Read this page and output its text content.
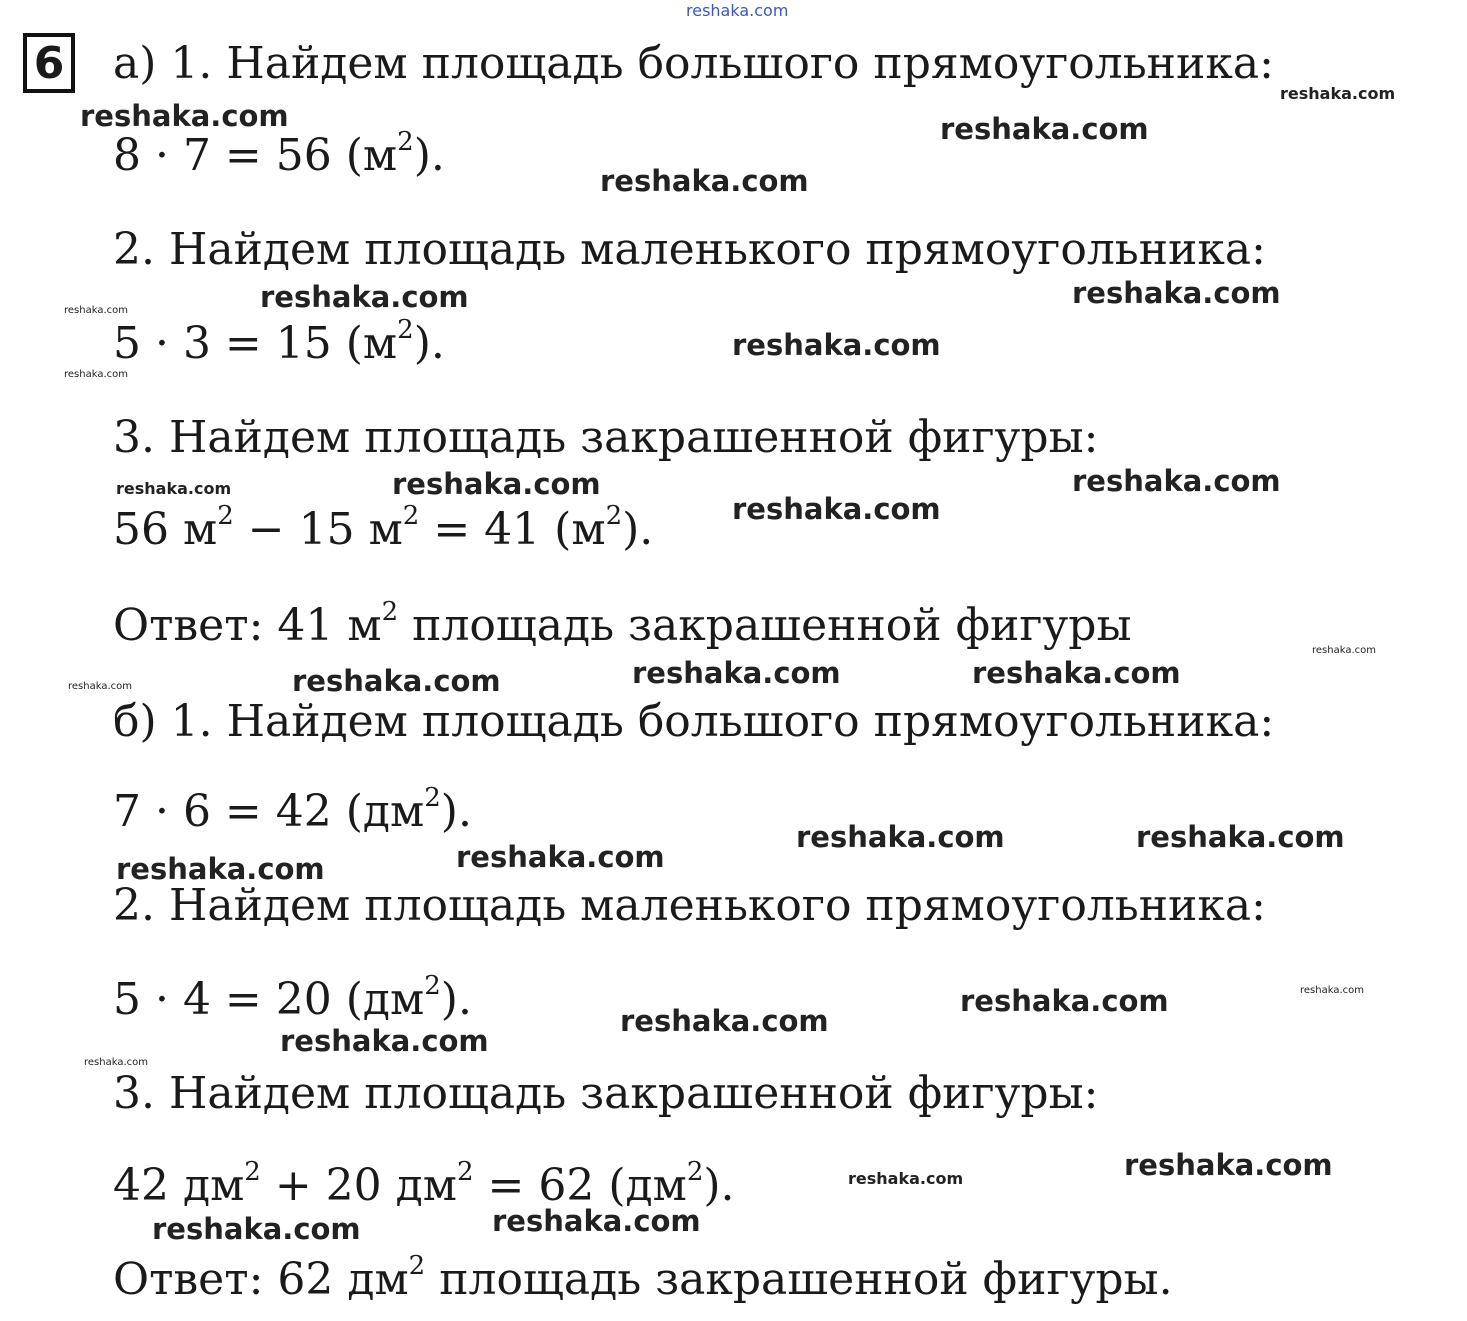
6 а) 1. Найдем площадь большого прямоугольника:
8 · 7 = 56 $(м^2)$.
2. Найдем площадь маленького прямоугольника:
5 · 3 = 15 $(м^2)$.
3. Найдем площадь закрашенной фигуры:
56 $м^2 - 15$ $м^2 = 41$ $(м^2)$.
Ответ: 41 $м^2$ площадь закрашенной фигуры
б) 1. Найдем площадь большого прямоугольника:
7 · 6 = 42 $(дм^2)$.
2. Найдем площадь маленького прямоугольника:
5 · 4 = 20 $(дм^2)$.
3. Найдем площадь закрашенной фигуры:
42 $дм^2 + 20$ $дм^2 = 62$ $(дм^2)$.
Ответ: 62 $дм^2$ площадь закрашенной фигуры.
reshaka.com
reshaka.com
reshaka.com	reshaka.com
reshaka.com
reshaka.com	reshaka.com
reshaka.com
reshaka.com
reshaka.com
reshaka.com	reshaka.com	reshaka.com
reshaka.com
reshaka.com
reshaka.com	reshaka.com
reshaka.com
reshaka.com
reshaka.com	reshaka.com
reshaka.com
reshaka.com
reshaka.com
reshaka.com
reshaka.com
reshaka.com
reshaka.com
reshaka.com
reshaka.com
reshaka.com
reshaka.com
